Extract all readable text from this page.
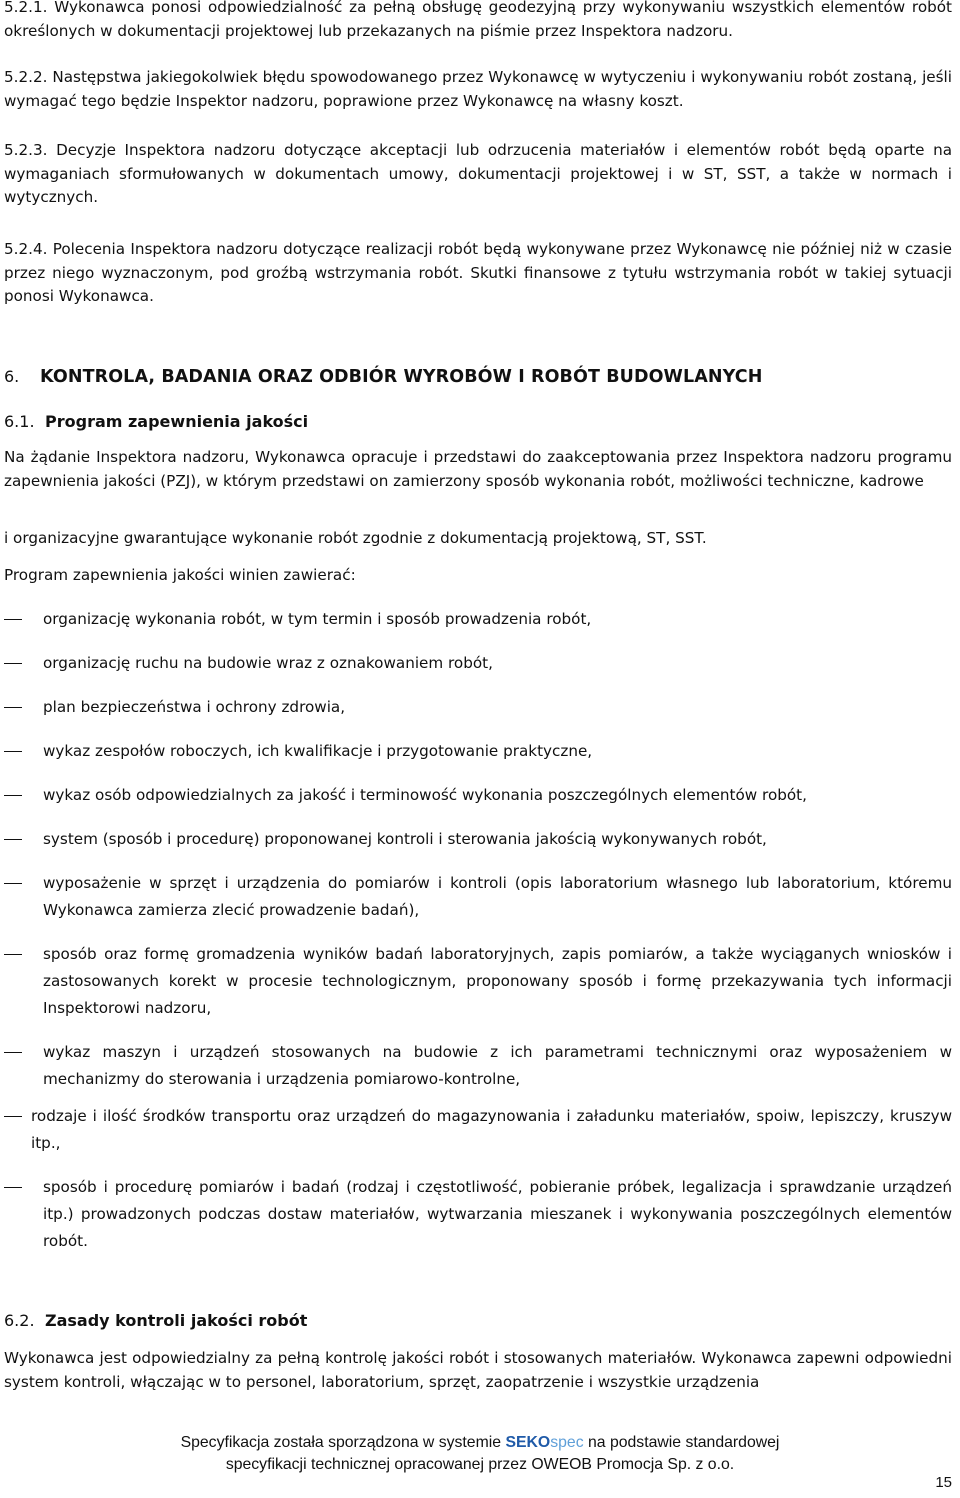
5.2.1. Wykonawca ponosi odpowiedzialność za pełną obsługę geodezyjną przy wykonywaniu wszystkich elementów robót określonych w dokumentacji projektowej lub przekazanych na piśmie przez Inspektora nadzoru.

5.2.2. Następstwa jakiegokolwiek błędu spowodowanego przez Wykonawcę w wytyczeniu i wykonywaniu robót zostaną, jeśli wymagać tego będzie Inspektor nadzoru, poprawione przez Wykonawcę na własny koszt.

5.2.3. Decyzje Inspektora nadzoru dotyczące akceptacji lub odrzucenia materiałów i elementów robót będą oparte na wymaganiach sformułowanych w dokumentach umowy, dokumentacji projektowej i w ST, SST, a także w normach i wytycznych.

5.2.4. Polecenia Inspektora nadzoru dotyczące realizacji robót będą wykonywane przez Wykonawcę nie później niż w czasie przez niego wyznaczonym, pod groźbą wstrzymania robót. Skutki finansowe z tytułu wstrzymania robót w takiej sytuacji ponosi Wykonawca.

6. KONTROLA, BADANIA ORAZ ODBIÓR WYROBÓW I ROBÓT BUDOWLANYCH
6.1. Program zapewnienia jakości

Na żądanie Inspektora nadzoru, Wykonawca opracuje i przedstawi do zaakceptowania przez Inspektora nadzoru programu zapewnienia jakości (PZJ), w którym przedstawi on zamierzony sposób wykonania robót, możliwości techniczne, kadrowe

i organizacyjne gwarantujące wykonanie robót zgodnie z dokumentacją projektową, ST, SST.

Program zapewnienia jakości winien zawierać:

organizację wykonania robót, w tym termin i sposób prowadzenia robót,
organizację ruchu na budowie wraz z oznakowaniem robót,
plan bezpieczeństwa i ochrony zdrowia,
wykaz zespołów roboczych, ich kwalifikacje i przygotowanie praktyczne,
wykaz osób odpowiedzialnych za jakość i terminowość wykonania poszczególnych elementów robót,
system (sposób i procedurę) proponowanej kontroli i sterowania jakością wykonywanych robót,
wyposażenie w sprzęt i urządzenia do pomiarów i kontroli (opis laboratorium własnego lub laboratorium, któremu Wykonawca zamierza zlecić prowadzenie badań),
sposób oraz formę gromadzenia wyników badań laboratoryjnych, zapis pomiarów, a także wyciąganych wniosków i zastosowanych korekt w procesie technologicznym, proponowany sposób i formę przekazywania tych informacji Inspektorowi nadzoru,
wykaz maszyn i urządzeń stosowanych na budowie z ich parametrami technicznymi oraz wyposażeniem w mechanizmy do sterowania i urządzenia pomiarowo-kontrolne,
rodzaje i ilość środków transportu oraz urządzeń do magazynowania i załadunku materiałów, spoiw, lepiszczy, kruszyw itp.,
sposób i procedurę pomiarów i badań (rodzaj i częstotliwość, pobieranie próbek, legalizacja i sprawdzanie urządzeń itp.) prowadzonych podczas dostaw materiałów, wytwarzania mieszanek i wykonywania poszczególnych elementów robót.
6.2. Zasady kontroli jakości robót

Wykonawca jest odpowiedzialny za pełną kontrolę jakości robót i stosowanych materiałów. Wykonawca zapewni odpowiedni system kontroli, włączając w to personel, laboratorium, sprzęt, zaopatrzenie i wszystkie urządzenia

Specyfikacja została sporządzona w systemie SEKOspec na podstawie standardowej
specyfikacji technicznej opracowanej przez OWEOB Promocja Sp. z o.o.
15
